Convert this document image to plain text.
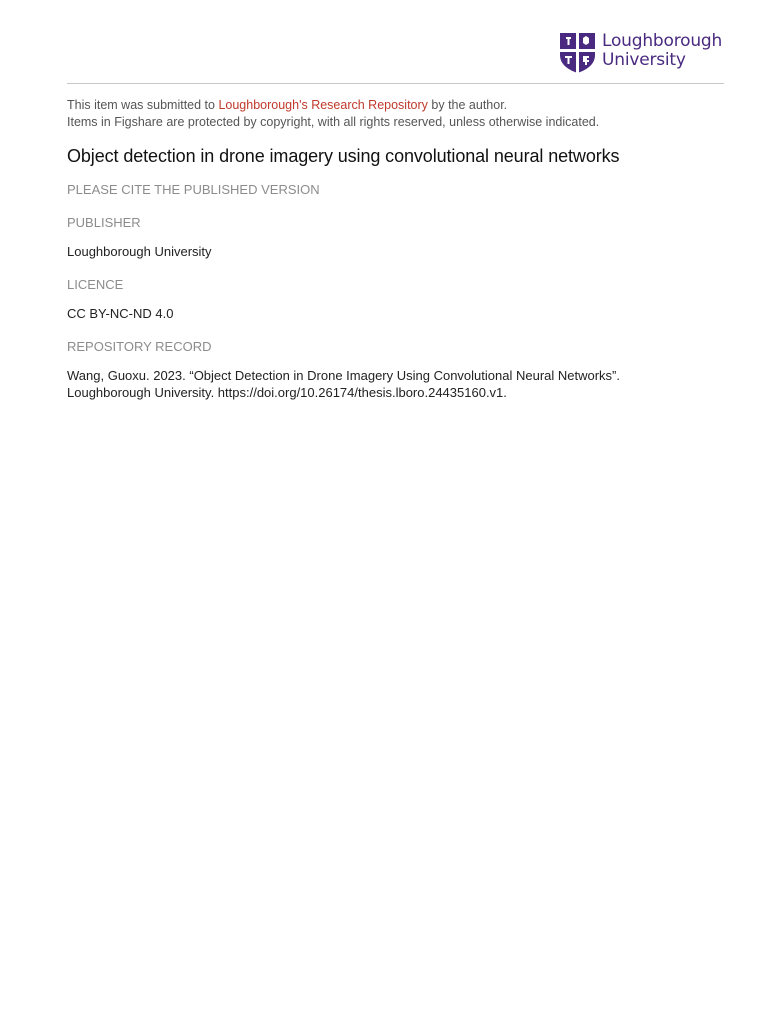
Loughborough
University
This item was submitted to Loughborough's Research Repository by the author.
Items in Figshare are protected by copyright, with all rights reserved, unless otherwise indicated.
Object detection in drone imagery using convolutional neural networks
PLEASE CITE THE PUBLISHED VERSION
PUBLISHER
Loughborough University
LICENCE
CC BY-NC-ND 4.0
REPOSITORY RECORD
Wang, Guoxu. 2023. “Object Detection in Drone Imagery Using Convolutional Neural Networks”.
Loughborough University. https://doi.org/10.26174/thesis.lboro.24435160.v1.
